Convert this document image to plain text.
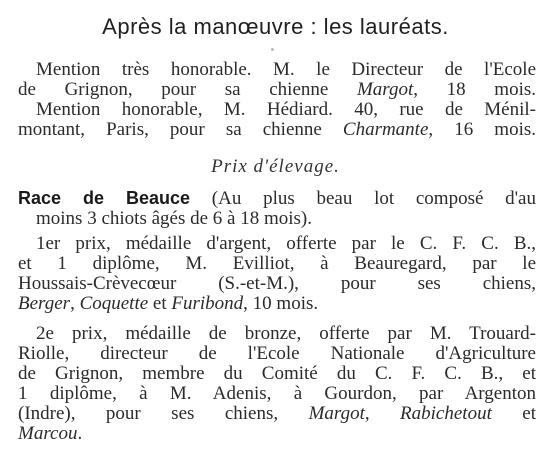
Après la manœuvre : les lauréats.
Mention très honorable. M. le Directeur de l'Ecole
de Grignon, pour sa chienne Margot, 18 mois.
Mention honorable, M. Hédiard. 40, rue de Ménil-
montant, Paris, pour sa chienne Charmante, 16 mois.
Prix d'élevage.
Race de Beauce (Au plus beau lot composé d'au
moins 3 chiots âgés de 6 à 18 mois).
1er prix, médaille d'argent, offerte par le C. F. C. B.,
et 1 diplôme, M. Evilliot, à Beauregard, par le
Houssais-Crèvecœur (S.-et-M.), pour ses chiens,
Berger, Coquette et Furibond, 10 mois.
2e prix, médaille de bronze, offerte par M. Trouard-
Riolle, directeur de l'Ecole Nationale d'Agriculture
de Grignon, membre du Comité du C. F. C. B., et
1 diplôme, à M. Adenis, à Gourdon, par Argenton
(Indre), pour ses chiens, Margot, Rabichetout et
Marcou.
